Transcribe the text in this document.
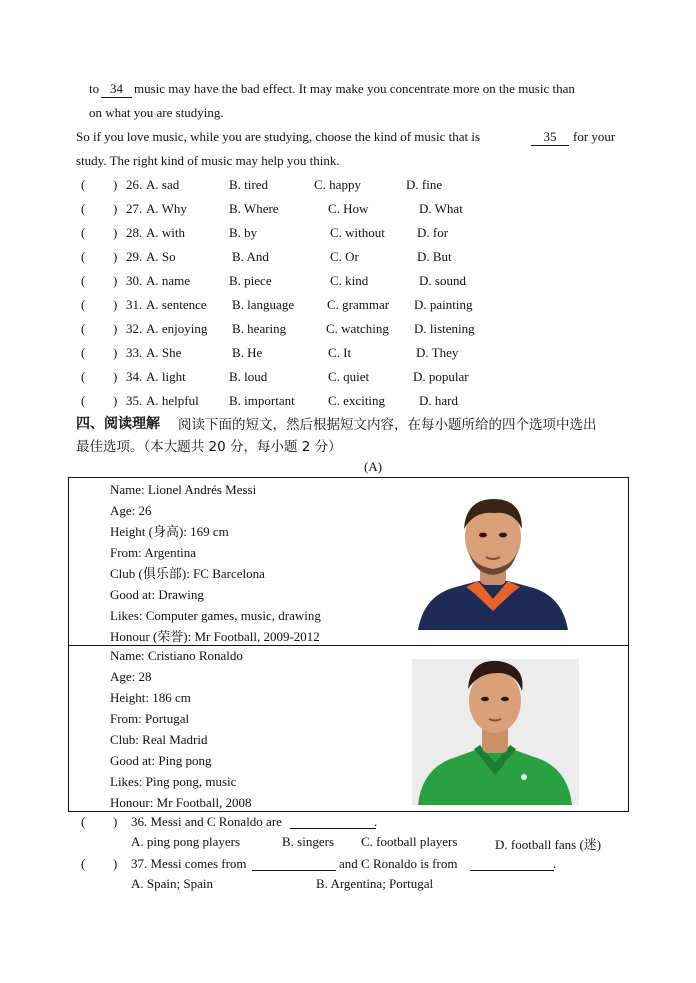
to 34 music may have the bad effect. It may make you concentrate more on the music than
on what you are studying.
So if you love music, while you are studying, choose the kind of music that is	35	for your
study. The right kind of music may help you think.
( ) 26. A. sad	B. tired	C. happy	D. fine
( ) 27. A. Why	B. Where	C. How	D. What
( ) 28. A. with	B. by	C. without D. for
( ) 29. A. So	B. And	C. Or	D. But
( ) 30. A. name	B. piece	C. kind	D. sound
( ) 31. A. sentence B. language	C. grammar D. painting
( ) 32. A. enjoying B. hearing	C. watching D. listening
( ) 33. A. She	B. He	C. It	D. They
( ) 34. A. light	B. loud	C. quiet	D. popular
( ) 35. A. helpful B. important	C. exciting	D. hard
四、阅读理解 阅读下面的短文，然后根据短文内容，在每小题所给的四个选项中选出
最佳选项。（本大题共 20 分，每小题 2 分）
(A)
Name: Lionel Andrés Messi
Age: 26
Height (身高): 169 cm
From: Argentina
Club (俱乐部): FC Barcelona
Good at: Drawing
Likes: Computer games, music, drawing
Honour (荣誉): Mr Football, 2009-2012
Name: Cristiano Ronaldo
Age: 28
Height: 186 cm
From: Portugal
Club: Real Madrid
Good at: Ping pong
Likes: Ping pong, music
Honour: Mr Football, 2008
( ) 36. Messi and C Ronaldo are	.
A. ping pong players	B. singers C. football players	D. football fans (迷)
( ) 37. Messi comes from	and C Ronaldo is from	.
A. Spain; Spain	B. Argentina; Portugal
